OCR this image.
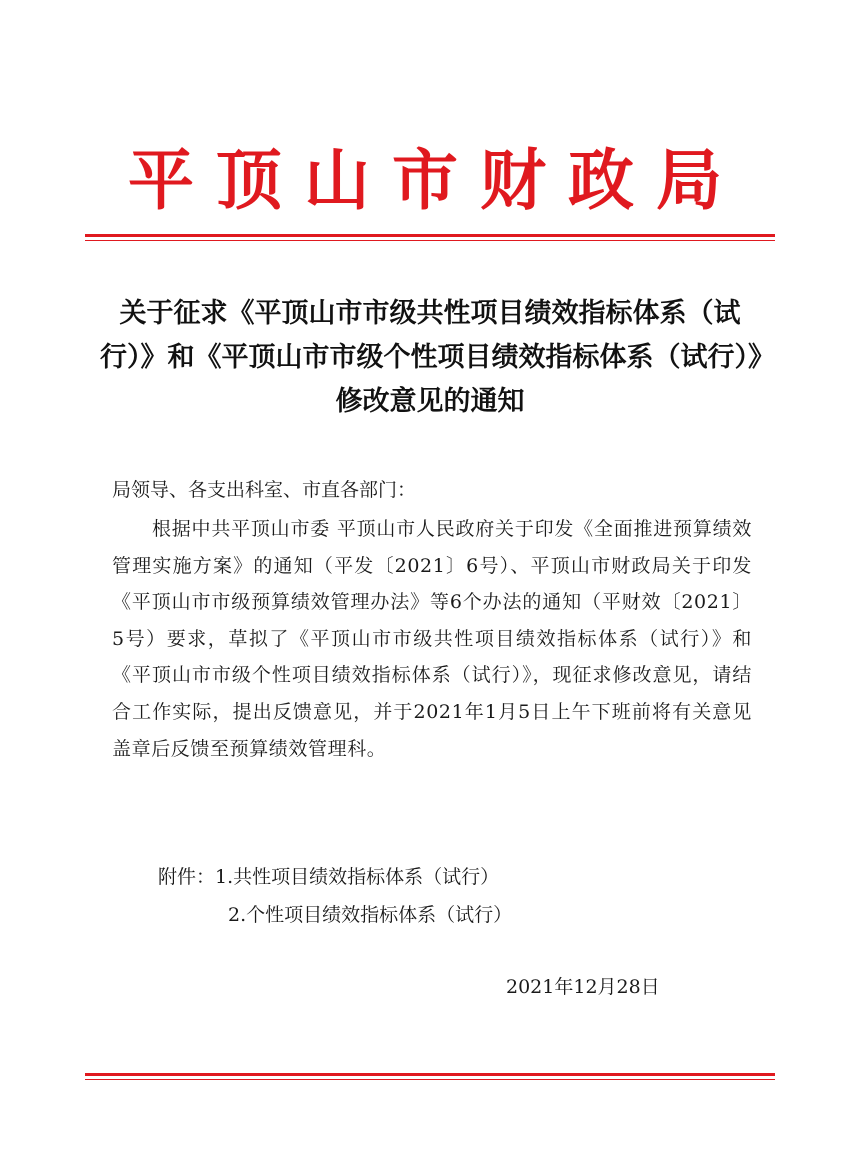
平顶山市财政局
关于征求《平顶山市市级共性项目绩效指标体系（试
行）》和《平顶山市市级个性项目绩效指标体系（试行）》
修改意见的通知
局领导、各支出科室、市直各部门：
根据中共平顶山市委 平顶山市人民政府关于印发《全面推进预算绩效管理实施方案》的通知（平发〔2021〕6号）、平顶山市财政局关于印发《平顶山市市级预算绩效管理办法》等6个办法的通知（平财效〔2021〕5号）要求，草拟了《平顶山市市级共性项目绩效指标体系（试行）》和《平顶山市市级个性项目绩效指标体系（试行）》，现征求修改意见，请结合工作实际，提出反馈意见，并于2021年1月5日上午下班前将有关意见盖章后反馈至预算绩效管理科。
附件：1.共性项目绩效指标体系（试行）
2.个性项目绩效指标体系（试行）
2021年12月28日
